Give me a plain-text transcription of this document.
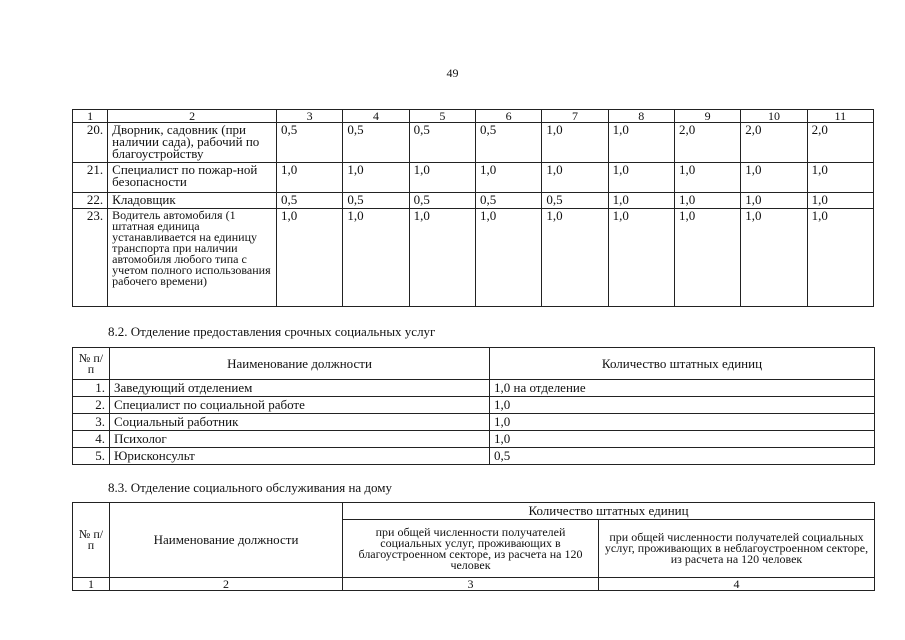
49
1	2	3	4	5	6	7	8	9	10	11
20.	Дворник, садовник (при наличии сада), рабочий по благоустройству	0,5	0,5	0,5	0,5	1,0	1,0	2,0	2,0	2,0
21.	Специалист по пожар-ной безопасности	1,0	1,0	1,0	1,0	1,0	1,0	1,0	1,0	1,0
22.	Кладовщик	0,5	0,5	0,5	0,5	0,5	1,0	1,0	1,0	1,0
23.	Водитель автомобиля (1 штатная единица устанавливается на единицу транспорта при наличии автомобиля любого типа с учетом полного использования рабочего времени)	1,0	1,0	1,0	1,0	1,0	1,0	1,0	1,0	1,0
8.2. Отделение предоставления срочных социальных услуг
№ п/п	Наименование должности	Количество штатных единиц
1.	Заведующий отделением	1,0 на отделение
2.	Специалист по социальной работе	1,0
3.	Социальный работник	1,0
4.	Психолог	1,0
5.	Юрисконсульт	0,5
8.3. Отделение социального обслуживания на дому
№ п/п	Наименование должности	Количество штатных единиц	
		при общей численности получателей социальных услуг, проживающих в благоустроенном секторе, из расчета на 120 человек	при общей численности получателей социальных услуг, проживающих в неблагоустроенном секторе, из расчета на 120 человек
1	2	3	4
